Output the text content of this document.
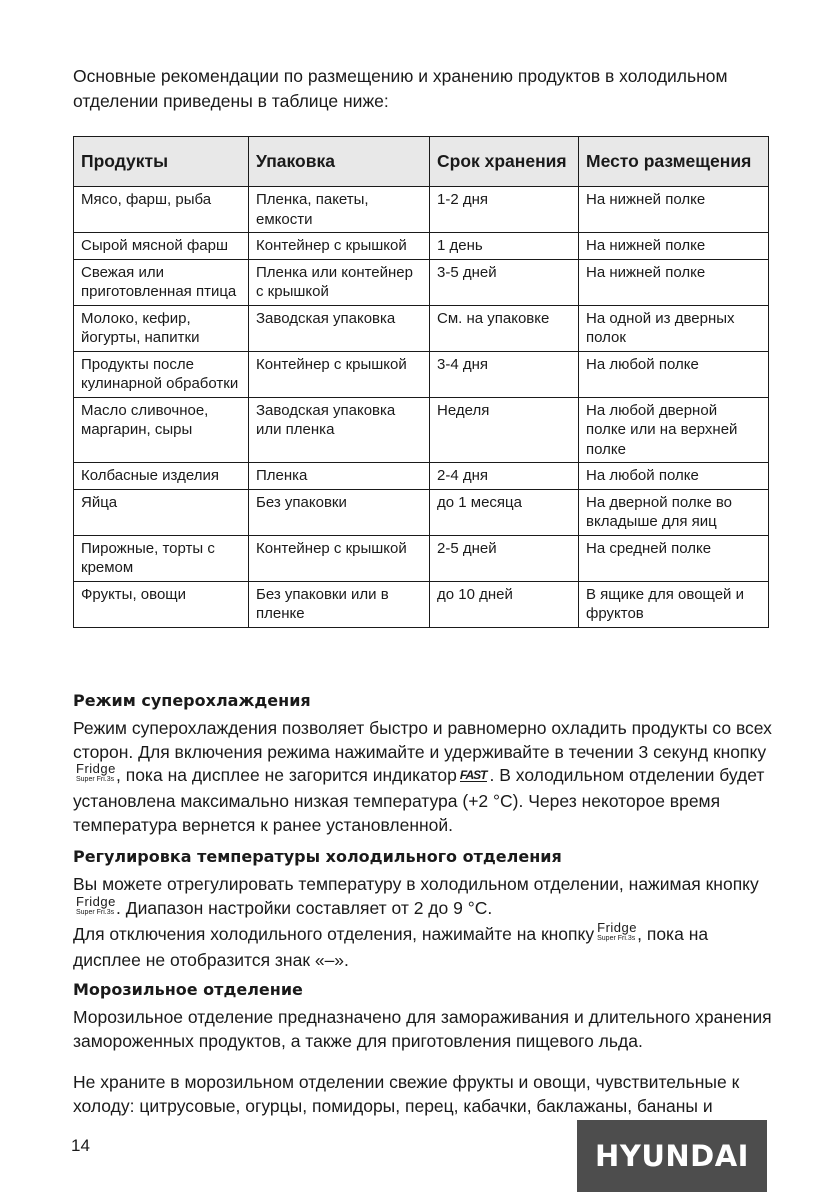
Основные рекомендации по размещению и хранению продуктов в холодильном отделении приведены в таблице ниже:

Продукты	Упаковка	Срок хранения	Место размещения
Мясо, фарш, рыба	Пленка, пакеты, емкости	1-2 дня	На нижней полке
Сырой мясной фарш	Контейнер с крышкой	1 день	На нижней полке
Свежая или приготовленная птица	Пленка или контейнер с крышкой	3-5 дней	На нижней полке
Молоко, кефир, йогурты, напитки	Заводская упаковка	См. на упаковке	На одной из дверных полок
Продукты после кулинарной обработки	Контейнер с крышкой	3-4 дня	На любой полке
Масло сливочное, маргарин, сыры	Заводская упаковка или пленка	Неделя	На любой дверной полке или на верхней полке
Колбасные изделия	Пленка	2-4 дня	На любой полке
Яйца	Без упаковки	до 1 месяца	На дверной полке во вкладыше для яиц
Пирожные, торты с кремом	Контейнер с крышкой	2-5 дней	На средней полке
Фрукты, овощи	Без упаковки или в пленке	до 10 дней	В ящике для овощей и фруктов
Режим суперохлаждения

Режим суперохлаждения позволяет быстро и равномерно охладить продукты со всех сторон. Для включения режима нажимайте и удерживайте в течении 3 секунд кнопку
Fridge
Super Fri.3s , пока на дисплее не загорится индикатор FAST . В холодильном отделении будет установлена максимально низкая температура (+2 °С). Через некоторое время температура вернется к ранее установленной.

Регулировка температуры холодильного отделения

Вы можете отрегулировать температуру в холодильном отделении, нажимая кнопку
Fridge
Super Fri.3s . Диапазон настройки составляет от 2 до 9 °С.
Для отключения холодильного отделения, нажимайте на кнопку Fridge
Super Fri.3s , пока на дисплее не отобразится знак «–».

Морозильное отделение

Морозильное отделение предназначено для замораживания и длительного хранения замороженных продуктов, а также для приготовления пищевого льда.

Не храните в морозильном отделении свежие фрукты и овощи, чувствительные к холоду: цитрусовые, огурцы, помидоры, перец, кабачки, баклажаны, бананы и

14	HYUNDAI
